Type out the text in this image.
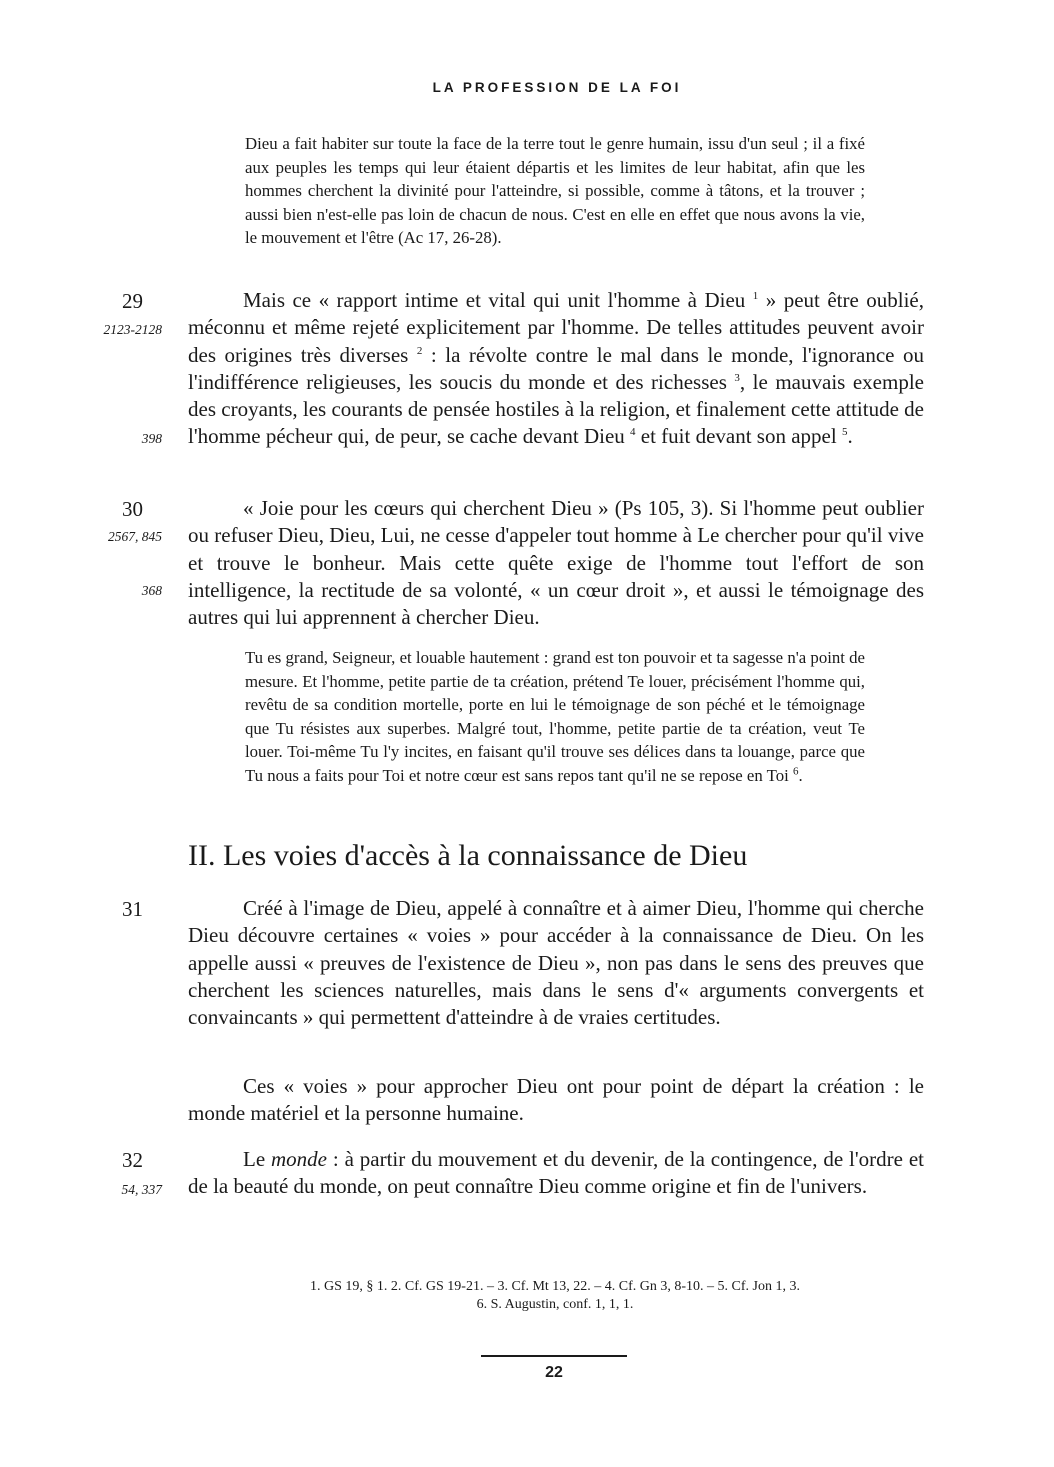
LA PROFESSION DE LA FOI
Dieu a fait habiter sur toute la face de la terre tout le genre humain, issu d'un seul ; il a fixé aux peuples les temps qui leur étaient départis et les limites de leur habitat, afin que les hommes cherchent la divinité pour l'atteindre, si possible, comme à tâtons, et la trouver ; aussi bien n'est-elle pas loin de chacun de nous. C'est en elle en effet que nous avons la vie, le mouvement et l'être (Ac 17, 26-28).
29
2123-2128
398
Mais ce « rapport intime et vital qui unit l'homme à Dieu $^1$ » peut être oublié, méconnu et même rejeté explicitement par l'homme. De telles attitudes peuvent avoir des origines très diverses $^2$ : la révolte contre le mal dans le monde, l'ignorance ou l'indifférence religieuses, les soucis du monde et des richesses $^3$, le mauvais exemple des croyants, les courants de pensée hostiles à la religion, et finalement cette attitude de l'homme pécheur qui, de peur, se cache devant Dieu $^4$ et fuit devant son appel $^5$.
30
2567, 845
368
« Joie pour les cœurs qui cherchent Dieu » (Ps 105, 3). Si l'homme peut oublier ou refuser Dieu, Dieu, Lui, ne cesse d'appeler tout homme à Le chercher pour qu'il vive et trouve le bonheur. Mais cette quête exige de l'homme tout l'effort de son intelligence, la rectitude de sa volonté, « un cœur droit », et aussi le témoignage des autres qui lui apprennent à chercher Dieu.
Tu es grand, Seigneur, et louable hautement : grand est ton pouvoir et ta sagesse n'a point de mesure. Et l'homme, petite partie de ta création, prétend Te louer, précisément l'homme qui, revêtu de sa condition mortelle, porte en lui le témoignage de son péché et le témoignage que Tu résistes aux superbes. Malgré tout, l'homme, petite partie de ta création, veut Te louer. Toi-même Tu l'y incites, en faisant qu'il trouve ses délices dans ta louange, parce que Tu nous a faits pour Toi et notre cœur est sans repos tant qu'il ne se repose en Toi $^6$.
II. Les voies d'accès à la connaissance de Dieu
31	Créé à l'image de Dieu, appelé à connaître et à aimer Dieu, l'homme qui cherche Dieu découvre certaines « voies » pour accéder à la connaissance de Dieu. On les appelle aussi « preuves de l'existence de Dieu », non pas dans le sens des preuves que cherchent les sciences naturelles, mais dans le sens d'« arguments convergents et convaincants » qui permettent d'atteindre à de vraies certitudes.
Ces « voies » pour approcher Dieu ont pour point de départ la création : le monde matériel et la personne humaine.
32
54, 337
Le monde : à partir du mouvement et du devenir, de la contingence, de l'ordre et de la beauté du monde, on peut connaître Dieu comme origine et fin de l'univers.
1. GS 19, § 1. 2. Cf. GS 19-21. – 3. Cf. Mt 13, 22. – 4. Cf. Gn 3, 8-10. – 5. Cf. Jon 1, 3.
6. S. Augustin, conf. 1, 1, 1.
22
